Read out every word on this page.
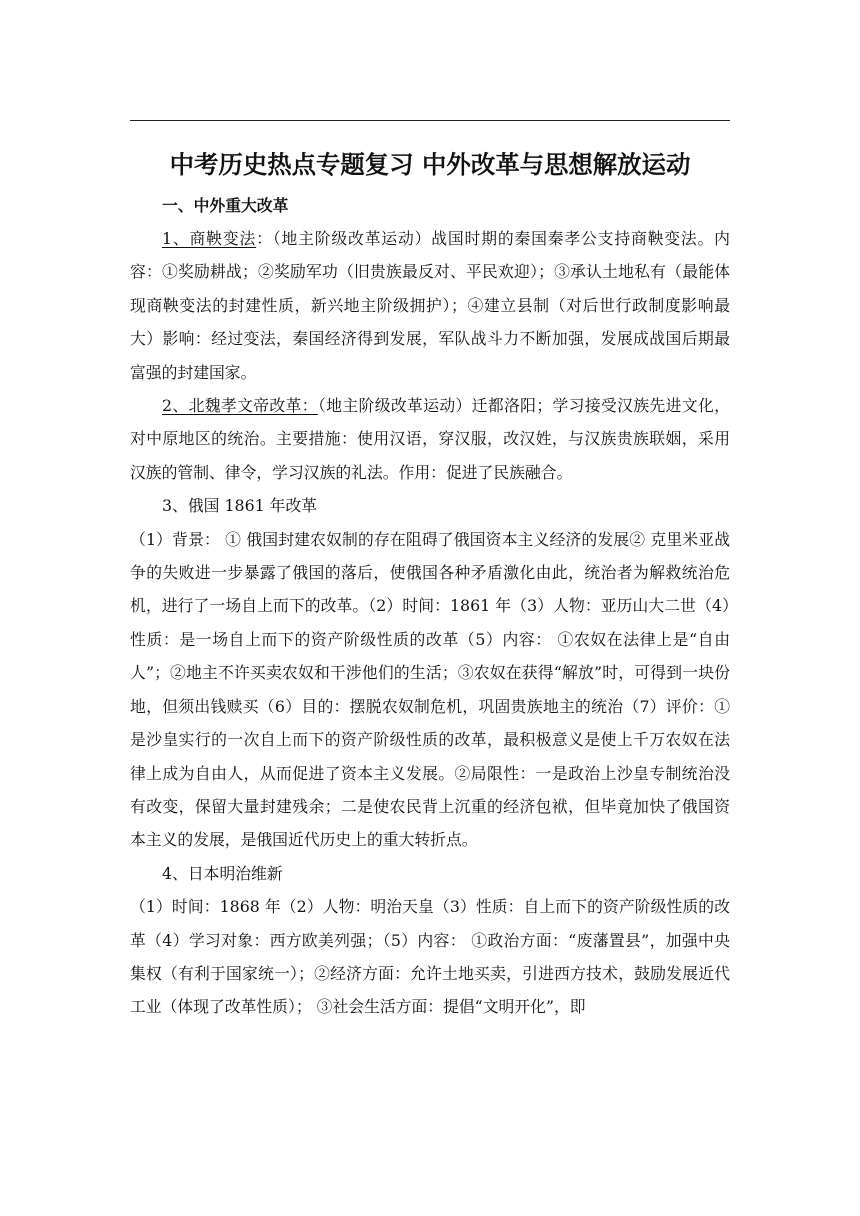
中考历史热点专题复习 中外改革与思想解放运动

一、中外重大改革

1、商鞅变法：（地主阶级改革运动）战国时期的秦国秦孝公支持商鞅变法。内容：①奖励耕战；②奖励军功（旧贵族最反对、平民欢迎）；③承认土地私有（最能体现商鞅变法的封建性质，新兴地主阶级拥护）；④建立县制（对后世行政制度影响最大）影响：经过变法，秦国经济得到发展，军队战斗力不断加强，发展成战国后期最富强的封建国家。

2、北魏孝文帝改革：（地主阶级改革运动）迁都洛阳；学习接受汉族先进文化，对中原地区的统治。主要措施：使用汉语，穿汉服，改汉姓，与汉族贵族联姻，采用汉族的管制、律令，学习汉族的礼法。作用：促进了民族融合。

3、俄国 1861 年改革

（1）背景： ① 俄国封建农奴制的存在阻碍了俄国资本主义经济的发展② 克里米亚战争的失败进一步暴露了俄国的落后，使俄国各种矛盾激化由此，统治者为解救统治危机，进行了一场自上而下的改革。（2）时间：1861 年（3）人物：亚历山大二世（4）性质：是一场自上而下的资产阶级性质的改革（5）内容： ①农奴在法律上是“自由人”；②地主不许买卖农奴和干涉他们的生活；③农奴在获得“解放”时，可得到一块份地，但须出钱赎买（6）目的：摆脱农奴制危机，巩固贵族地主的统治（7）评价：① 是沙皇实行的一次自上而下的资产阶级性质的改革，最积极意义是使上千万农奴在法律上成为自由人，从而促进了资本主义发展。②局限性：一是政治上沙皇专制统治没有改变，保留大量封建残余；二是使农民背上沉重的经济包袱，但毕竟加快了俄国资本主义的发展，是俄国近代历史上的重大转折点。

4、日本明治维新

（1）时间：1868 年（2）人物：明治天皇（3）性质：自上而下的资产阶级性质的改革（4）学习对象：西方欧美列强；（5）内容： ①政治方面：“废藩置县”，加强中央集权（有利于国家统一）；②经济方面：允许土地买卖，引进西方技术，鼓励发展近代工业（体现了改革性质）； ③社会生活方面：提倡“文明开化”，即
